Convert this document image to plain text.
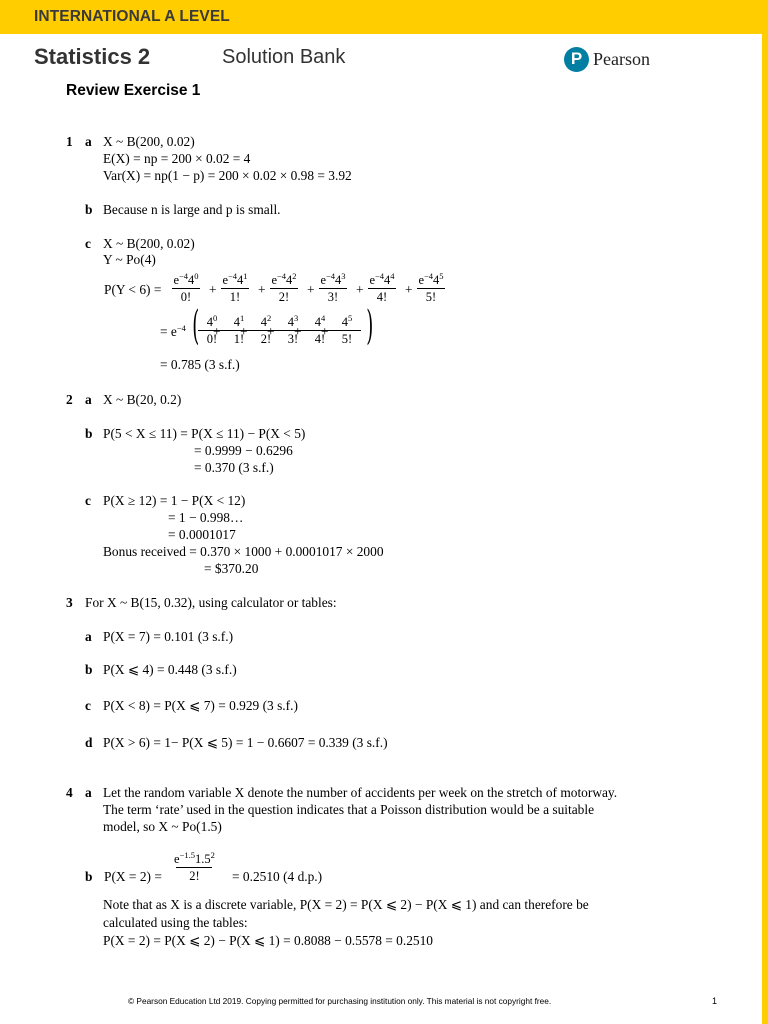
INTERNATIONAL A LEVEL
Statistics 2	Solution Bank	P Pearson
Review Exercise 1
1 a X ~ B(200, 0.02)
E(X) = np = 200 × 0.02 = 4
Var(X) = np(1 − p) = 200 × 0.02 × 0.98 = 3.92
b Because n is large and p is small.
c X ~ B(200, 0.02)
Y ~ Po(4)
$P(Y < 6) = \frac{e^{-4}4^0}{0!} + \frac{e^{-4}4^1}{1!} + \frac{e^{-4}4^2}{2!} + \frac{e^{-4}4^3}{3!} + \frac{e^{-4}4^4}{4!} + \frac{e^{-4}4^5}{5!}$
= $e^{-4}$ (
$\frac{4^0}{0!}$
+ $\frac{4^1}{1!}$
+ $\frac{4^2}{2!}$
+ $\frac{4^3}{3!}$
+ $\frac{4^4}{4!}$
+ $\frac{4^5}{5!}$ )
= 0.785 (3 s.f.)
2 a X ~ B(20, 0.2)
b P(5 < X ≤ 11) = P(X ≤ 11) − P(X < 5)
= 0.9999 − 0.6296
= 0.370 (3 s.f.)
c P(X ≥ 12) = 1 − P(X < 12)
= 1 − 0.998…
= 0.0001017
Bonus received = 0.370 × 1000 + 0.0001017 × 2000
= $370.20
3 For X ~ B(15, 0.32), using calculator or tables:
a P(X = 7) = 0.101 (3 s.f.)
b P(X ⩽ 4) = 0.448 (3 s.f.)
c P(X < 8) = P(X ⩽ 7) = 0.929 (3 s.f.)
d P(X > 6) = 1− P(X ⩽ 5) = 1 − 0.6607 = 0.339 (3 s.f.)
4 a Let the random variable X denote the number of accidents per week on the stretch of motorway.
The term ‘rate’ used in the question indicates that a Poisson distribution would be a suitable
model, so X ~ Po(1.5)
b $P(X = 2) = \frac{e^{-1.5}1.5^2}{2!} = 0.2510$ (4 d.p.)
Note that as X is a discrete variable, P(X = 2) = P(X ⩽ 2) − P(X ⩽ 1) and can therefore be
calculated using the tables:
P(X = 2) = P(X ⩽ 2) − P(X ⩽ 1) = 0.8088 − 0.5578 = 0.2510
© Pearson Education Ltd 2019. Copying permitted for purchasing institution only. This material is not copyright free.	1
